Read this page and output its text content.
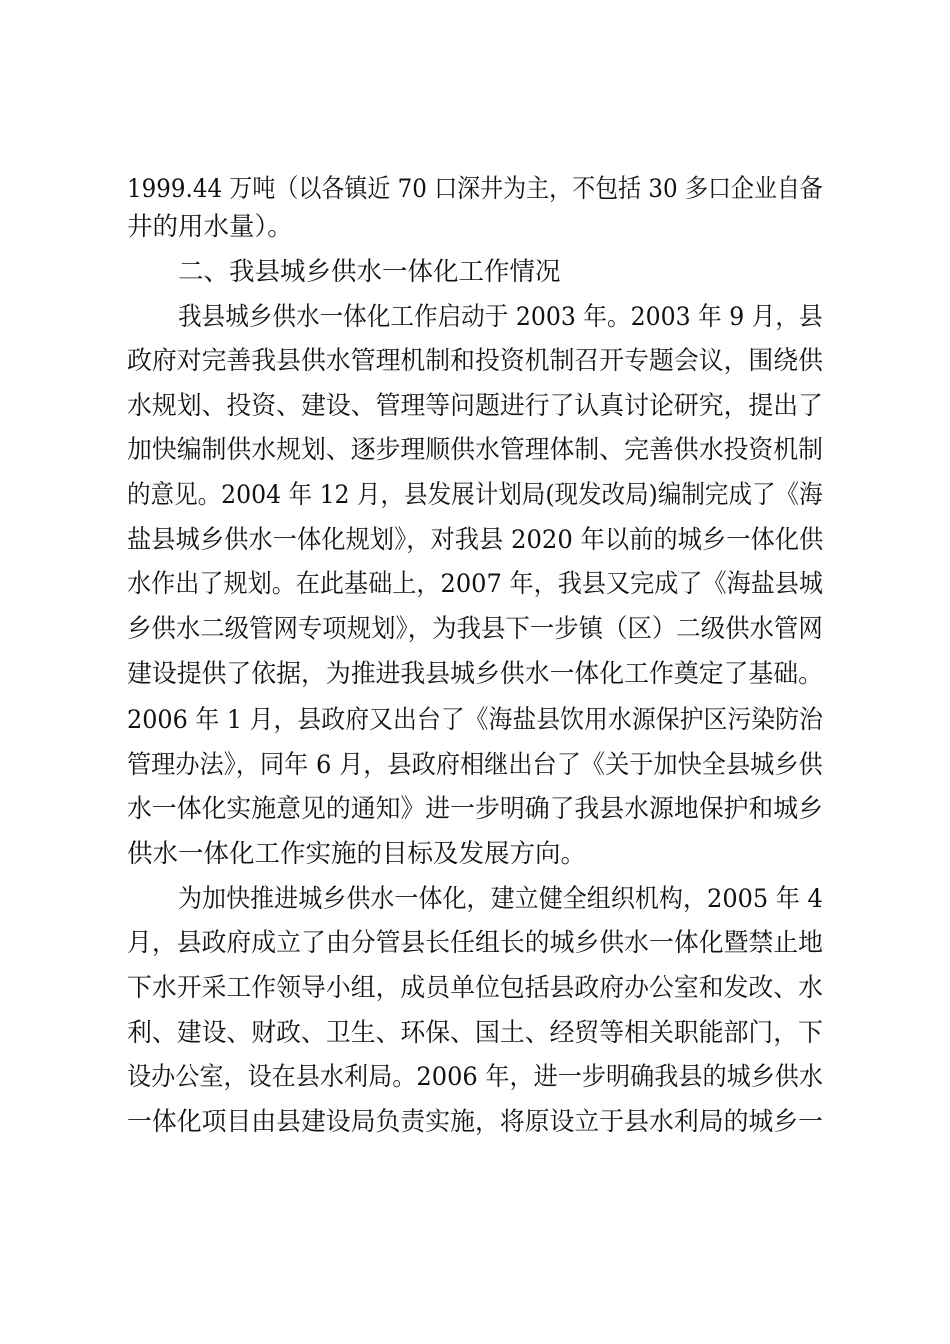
1999.44 万吨（以各镇近 70 口深井为主，不包括 30 多口企业自备
井的用水量）。
二、我县城乡供水一体化工作情况
我县城乡供水一体化工作启动于 2003 年。2003 年 9 月，县
政府对完善我县供水管理机制和投资机制召开专题会议，围绕供
水规划、投资、建设、管理等问题进行了认真讨论研究，提出了
加快编制供水规划、逐步理顺供水管理体制、完善供水投资机制
的意见。2004 年 12 月，县发展计划局(现发改局)编制完成了《海
盐县城乡供水一体化规划》，对我县 2020 年以前的城乡一体化供
水作出了规划。在此基础上，2007 年，我县又完成了《海盐县城
乡供水二级管网专项规划》，为我县下一步镇（区）二级供水管网
建设提供了依据，为推进我县城乡供水一体化工作奠定了基础。
2006 年 1 月，县政府又出台了《海盐县饮用水源保护区污染防治
管理办法》，同年 6 月，县政府相继出台了《关于加快全县城乡供
水一体化实施意见的通知》进一步明确了我县水源地保护和城乡
供水一体化工作实施的目标及发展方向。
为加快推进城乡供水一体化，建立健全组织机构，2005 年 4
月，县政府成立了由分管县长任组长的城乡供水一体化暨禁止地
下水开采工作领导小组，成员单位包括县政府办公室和发改、水
利、建设、财政、卫生、环保、国土、经贸等相关职能部门，下
设办公室，设在县水利局。2006 年，进一步明确我县的城乡供水
一体化项目由县建设局负责实施，将原设立于县水利局的城乡一
